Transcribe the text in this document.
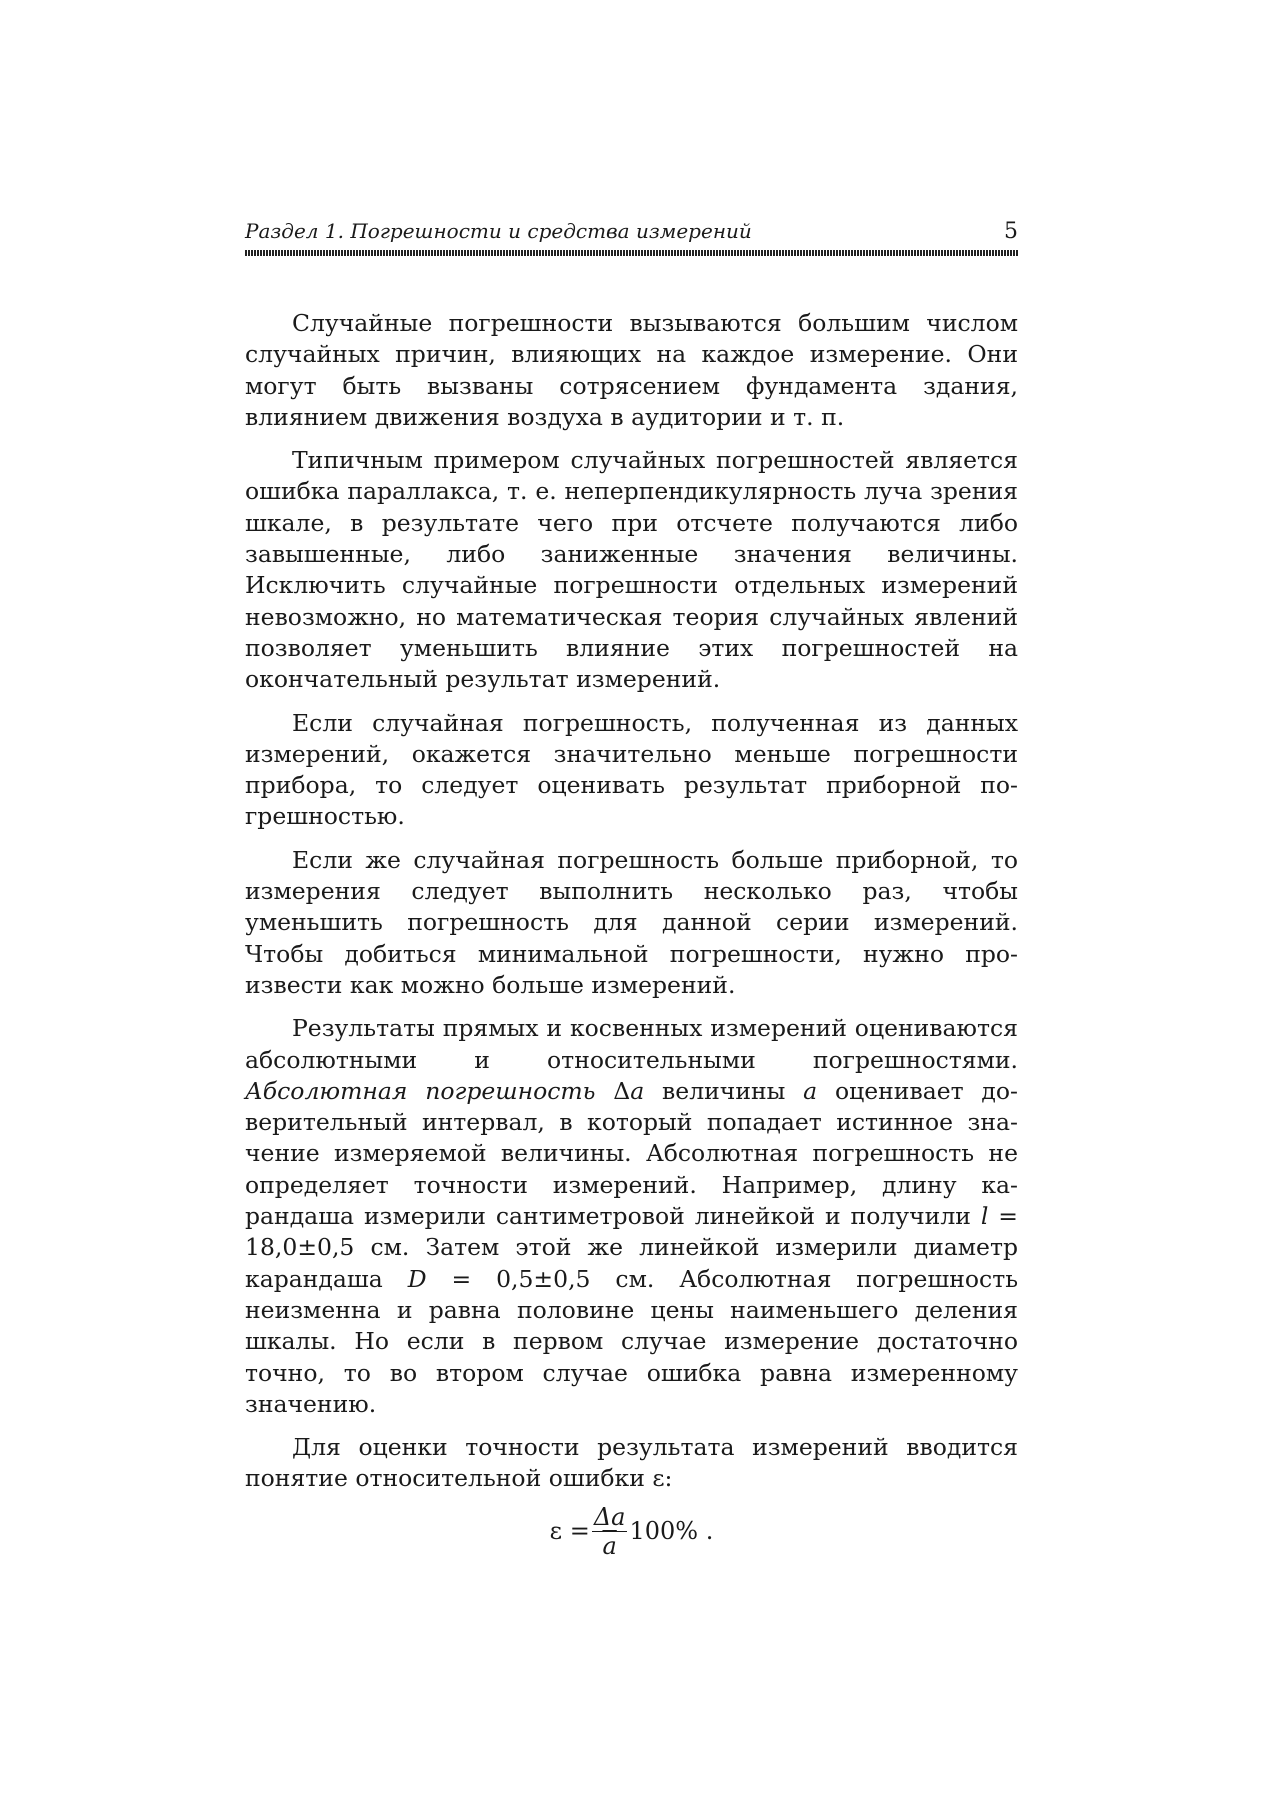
Раздел 1. Погрешности и средства измерений	5

Случайные погрешности вызываются большим числом случайных причин, влияющих на каждое измерение. Они могут быть вызваны сотрясением фундамента здания, влиянием движения воздуха в аудитории и т. п.

Типичным примером случайных погрешностей является ошибка параллакса, т. е. неперпендикулярность луча зрения шкале, в результате чего при отсчете получаются либо завышенные, либо заниженные значения величины. Исключить случайные погрешности отдельных измерений невозможно, но математическая теория случайных явлений позволяет уменьшить влияние этих погрешностей на окончательный результат измерений.

Если случайная погрешность, полученная из данных измерений, окажется значительно меньше погрешности прибора, то следует оценивать результат приборной погрешностью.

Если же случайная погрешность больше приборной, то измерения следует выполнить несколько раз, чтобы уменьшить погрешность для данной серии измерений. Чтобы добиться минимальной погрешности, нужно произвести как можно больше измерений.

Результаты прямых и косвенных измерений оцениваются абсолютными и относительными погрешностями. Абсолютная погрешность Δa величины a оценивает доверительный интервал, в который попадает истинное значение измеряемой величины. Абсолютная погрешность не определяет точности измерений. Например, длину карандаша измерили сантиметровой линейкой и получили l = 18,0±0,5 см. Затем этой же линейкой измерили диаметр карандаша D = 0,5±0,5 см. Абсолютная погрешность неизменна и равна половине цены наименьшего деления шкалы. Но если в первом случае измерение достаточно точно, то во втором случае ошибка равна измеренному значению.

Для оценки точности результата измерений вводится понятие относительной ошибки ε:

$\varepsilon = \frac{\Delta a}{a} 100\%$ .
